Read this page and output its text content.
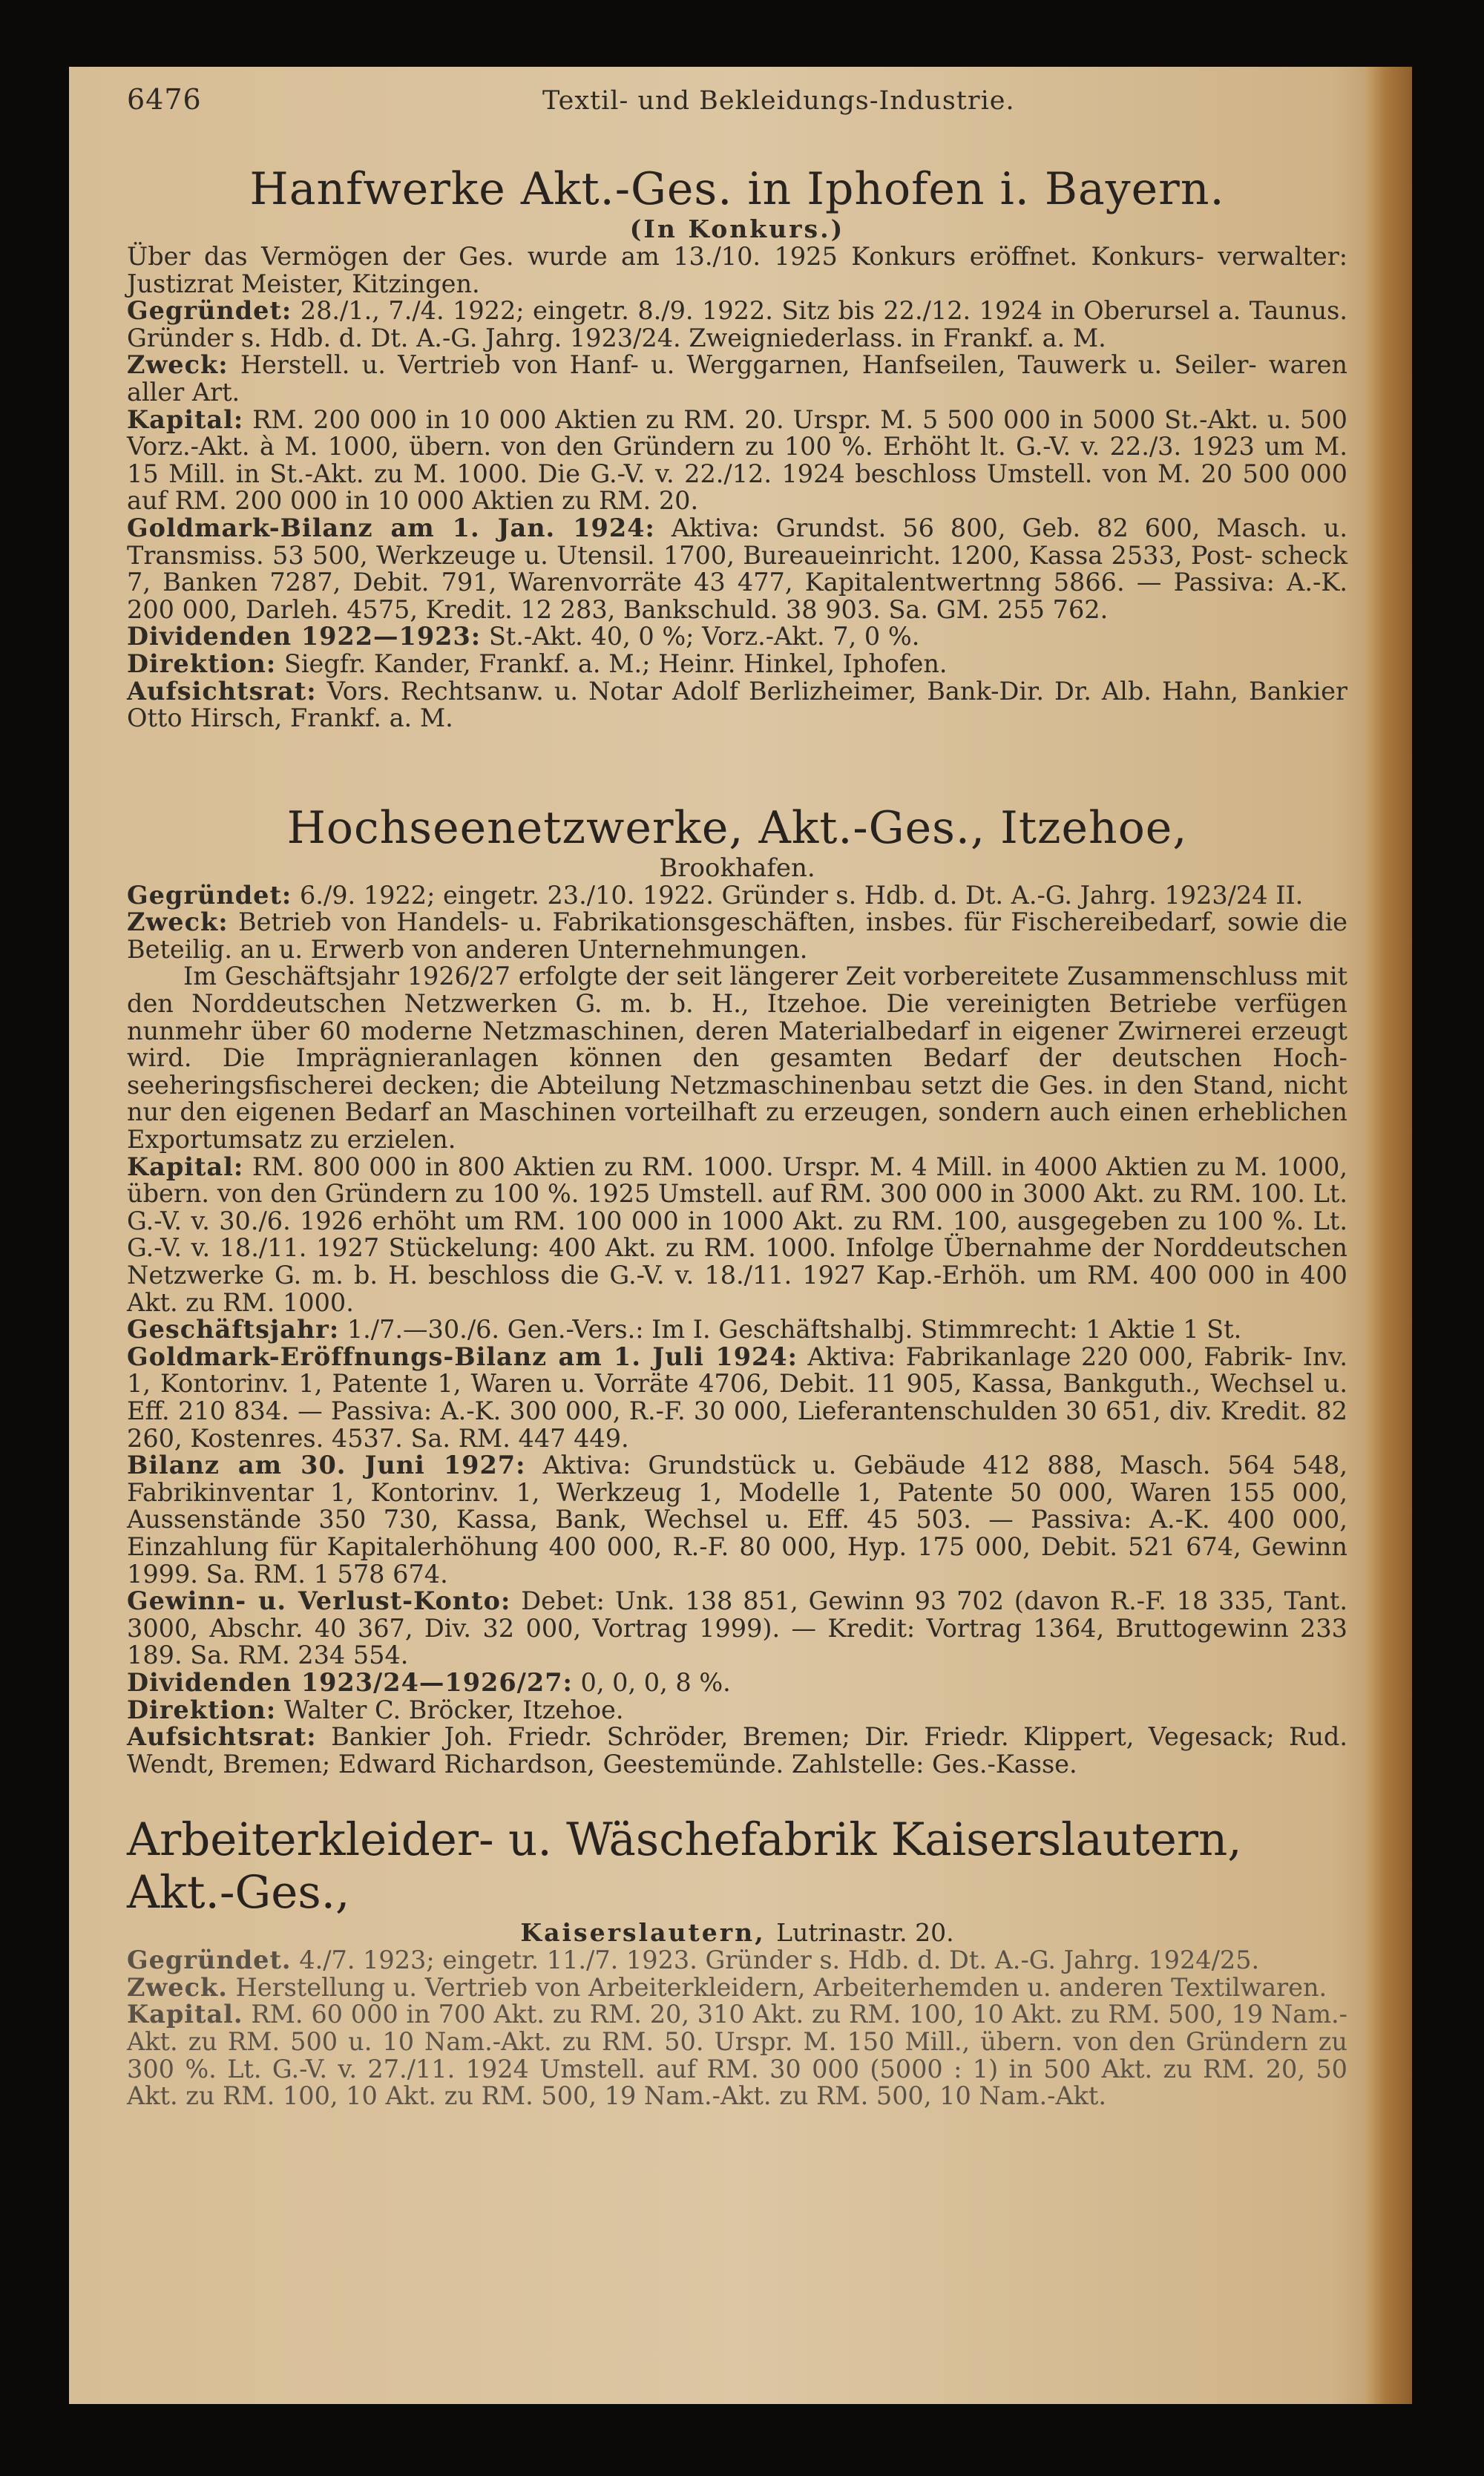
6476	Textil- und Bekleidungs-Industrie.
Hanfwerke Akt.-Ges. in Iphofen i. Bayern.
(In Konkurs.)

Über das Vermögen der Ges. wurde am 13./10. 1925 Konkurs eröffnet. Konkurs- verwalter: Justizrat Meister, Kitzingen.

Gegründet: 28./1., 7./4. 1922; eingetr. 8./9. 1922. Sitz bis 22./12. 1924 in Oberursel a. Taunus. Gründer s. Hdb. d. Dt. A.-G. Jahrg. 1923/24. Zweigniederlass. in Frankf. a. M.

Zweck: Herstell. u. Vertrieb von Hanf- u. Werggarnen, Hanfseilen, Tauwerk u. Seiler- waren aller Art.

Kapital: RM. 200 000 in 10 000 Aktien zu RM. 20. Urspr. M. 5 500 000 in 5000 St.-Akt. u. 500 Vorz.-Akt. à M. 1000, übern. von den Gründern zu 100 %. Erhöht lt. G.-V. v. 22./3. 1923 um M. 15 Mill. in St.-Akt. zu M. 1000. Die G.-V. v. 22./12. 1924 beschloss Umstell. von M. 20 500 000 auf RM. 200 000 in 10 000 Aktien zu RM. 20.

Goldmark-Bilanz am 1. Jan. 1924: Aktiva: Grundst. 56 800, Geb. 82 600, Masch. u. Transmiss. 53 500, Werkzeuge u. Utensil. 1700, Bureaueinricht. 1200, Kassa 2533, Post- scheck 7, Banken 7287, Debit. 791, Warenvorräte 43 477, Kapitalentwertnng 5866. — Passiva: A.-K. 200 000, Darleh. 4575, Kredit. 12 283, Bankschuld. 38 903. Sa. GM. 255 762.

Dividenden 1922—1923: St.-Akt. 40, 0 %; Vorz.-Akt. 7, 0 %.

Direktion: Siegfr. Kander, Frankf. a. M.; Heinr. Hinkel, Iphofen.

Aufsichtsrat: Vors. Rechtsanw. u. Notar Adolf Berlizheimer, Bank-Dir. Dr. Alb. Hahn, Bankier Otto Hirsch, Frankf. a. M.

Hochseenetzwerke, Akt.-Ges., Itzehoe,
Brookhafen.

Gegründet: 6./9. 1922; eingetr. 23./10. 1922. Gründer s. Hdb. d. Dt. A.-G. Jahrg. 1923/24 II.

Zweck: Betrieb von Handels- u. Fabrikationsgeschäften, insbes. für Fischereibedarf, sowie die Beteilig. an u. Erwerb von anderen Unternehmungen.

Im Geschäftsjahr 1926/27 erfolgte der seit längerer Zeit vorbereitete Zusammenschluss mit den Norddeutschen Netzwerken G. m. b. H., Itzehoe. Die vereinigten Betriebe verfügen nunmehr über 60 moderne Netzmaschinen, deren Materialbedarf in eigener Zwirnerei erzeugt wird. Die Imprägnieranlagen können den gesamten Bedarf der deutschen Hoch- seeheringsfischerei decken; die Abteilung Netzmaschinenbau setzt die Ges. in den Stand, nicht nur den eigenen Bedarf an Maschinen vorteilhaft zu erzeugen, sondern auch einen erheblichen Exportumsatz zu erzielen.

Kapital: RM. 800 000 in 800 Aktien zu RM. 1000. Urspr. M. 4 Mill. in 4000 Aktien zu M. 1000, übern. von den Gründern zu 100 %. 1925 Umstell. auf RM. 300 000 in 3000 Akt. zu RM. 100. Lt. G.-V. v. 30./6. 1926 erhöht um RM. 100 000 in 1000 Akt. zu RM. 100, ausgegeben zu 100 %. Lt. G.-V. v. 18./11. 1927 Stückelung: 400 Akt. zu RM. 1000. Infolge Übernahme der Norddeutschen Netzwerke G. m. b. H. beschloss die G.-V. v. 18./11. 1927 Kap.-Erhöh. um RM. 400 000 in 400 Akt. zu RM. 1000.

Geschäftsjahr: 1./7.—30./6. Gen.-Vers.: Im I. Geschäftshalbj. Stimmrecht: 1 Aktie 1 St.

Goldmark-Eröffnungs-Bilanz am 1. Juli 1924: Aktiva: Fabrikanlage 220 000, Fabrik- Inv. 1, Kontorinv. 1, Patente 1, Waren u. Vorräte 4706, Debit. 11 905, Kassa, Bankguth., Wechsel u. Eff. 210 834. — Passiva: A.-K. 300 000, R.-F. 30 000, Lieferantenschulden 30 651, div. Kredit. 82 260, Kostenres. 4537. Sa. RM. 447 449.

Bilanz am 30. Juni 1927: Aktiva: Grundstück u. Gebäude 412 888, Masch. 564 548, Fabrikinventar 1, Kontorinv. 1, Werkzeug 1, Modelle 1, Patente 50 000, Waren 155 000, Aussenstände 350 730, Kassa, Bank, Wechsel u. Eff. 45 503. — Passiva: A.-K. 400 000, Einzahlung für Kapitalerhöhung 400 000, R.-F. 80 000, Hyp. 175 000, Debit. 521 674, Gewinn 1999. Sa. RM. 1 578 674.

Gewinn- u. Verlust-Konto: Debet: Unk. 138 851, Gewinn 93 702 (davon R.-F. 18 335, Tant. 3000, Abschr. 40 367, Div. 32 000, Vortrag 1999). — Kredit: Vortrag 1364, Bruttogewinn 233 189. Sa. RM. 234 554.

Dividenden 1923/24—1926/27: 0, 0, 0, 8 %.

Direktion: Walter C. Bröcker, Itzehoe.

Aufsichtsrat: Bankier Joh. Friedr. Schröder, Bremen; Dir. Friedr. Klippert, Vegesack; Rud. Wendt, Bremen; Edward Richardson, Geestemünde. Zahlstelle: Ges.-Kasse.

Arbeiterkleider- u. Wäschefabrik Kaiserslautern, Akt.-Ges.,
Kaiserslautern, Lutrinastr. 20.

Gegründet. 4./7. 1923; eingetr. 11./7. 1923. Gründer s. Hdb. d. Dt. A.-G. Jahrg. 1924/25.

Zweck. Herstellung u. Vertrieb von Arbeiterkleidern, Arbeiterhemden u. anderen Textilwaren.

Kapital. RM. 60 000 in 700 Akt. zu RM. 20, 310 Akt. zu RM. 100, 10 Akt. zu RM. 500, 19 Nam.-Akt. zu RM. 500 u. 10 Nam.-Akt. zu RM. 50. Urspr. M. 150 Mill., übern. von den Gründern zu 300 %. Lt. G.-V. v. 27./11. 1924 Umstell. auf RM. 30 000 (5000 : 1) in 500 Akt. zu RM. 20, 50 Akt. zu RM. 100, 10 Akt. zu RM. 500, 19 Nam.-Akt. zu RM. 500, 10 Nam.-Akt.
